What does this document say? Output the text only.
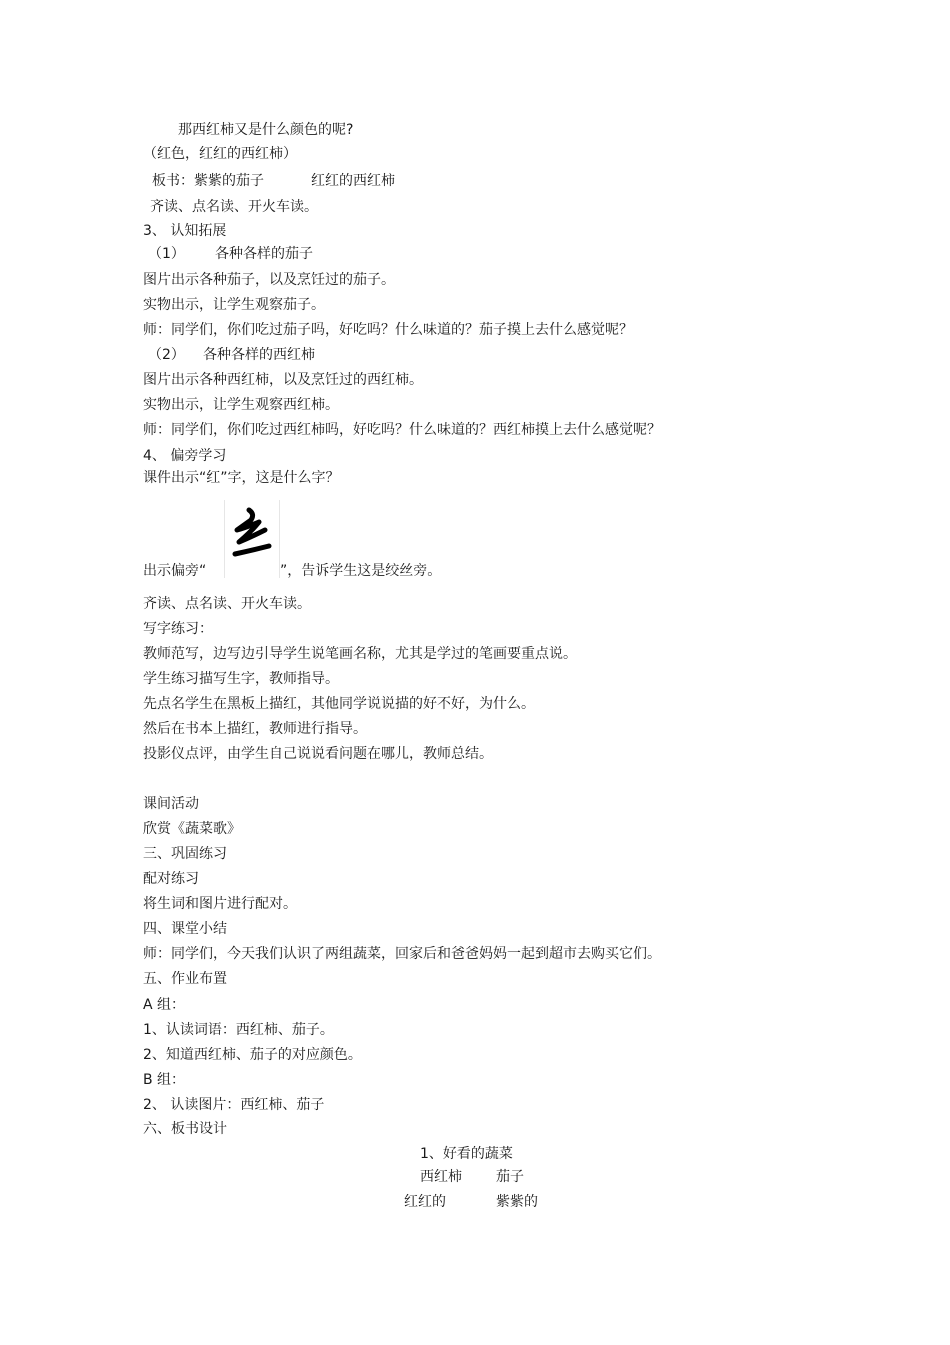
那西红柿又是什么颜色的呢?
（红色，红红的西红柿）
板书：紫紫的茄子	红红的西红柿
齐读、点名读、开火车读。
3、 认知拓展
（1） 各种各样的茄子
图片出示各种茄子，以及烹饪过的茄子。
实物出示，让学生观察茄子。
师：同学们，你们吃过茄子吗，好吃吗？什么味道的？茄子摸上去什么感觉呢？
（2） 各种各样的西红柿
图片出示各种西红柿，以及烹饪过的西红柿。
实物出示，让学生观察西红柿。
师：同学们，你们吃过西红柿吗，好吃吗？什么味道的？西红柿摸上去什么感觉呢？
4、 偏旁学习
课件出示“红”字，这是什么字？
出示偏旁“	”，告诉学生这是绞丝旁。
齐读、点名读、开火车读。
写字练习：
教师范写，边写边引导学生说笔画名称，尤其是学过的笔画要重点说。
学生练习描写生字，教师指导。
先点名学生在黑板上描红，其他同学说说描的好不好，为什么。
然后在书本上描红，教师进行指导。
投影仪点评，由学生自己说说看问题在哪儿，教师总结。
课间活动
欣赏《蔬菜歌》
三、巩固练习
配对练习
将生词和图片进行配对。
四、课堂小结
师：同学们，今天我们认识了两组蔬菜，回家后和爸爸妈妈一起到超市去购买它们。
五、作业布置
A 组：
1、认读词语：西红柿、茄子。
2、知道西红柿、茄子的对应颜色。
B 组：
2、 认读图片：西红柿、茄子
六、板书设计
1、好看的蔬菜
西红柿 茄子
红红的	紫紫的
